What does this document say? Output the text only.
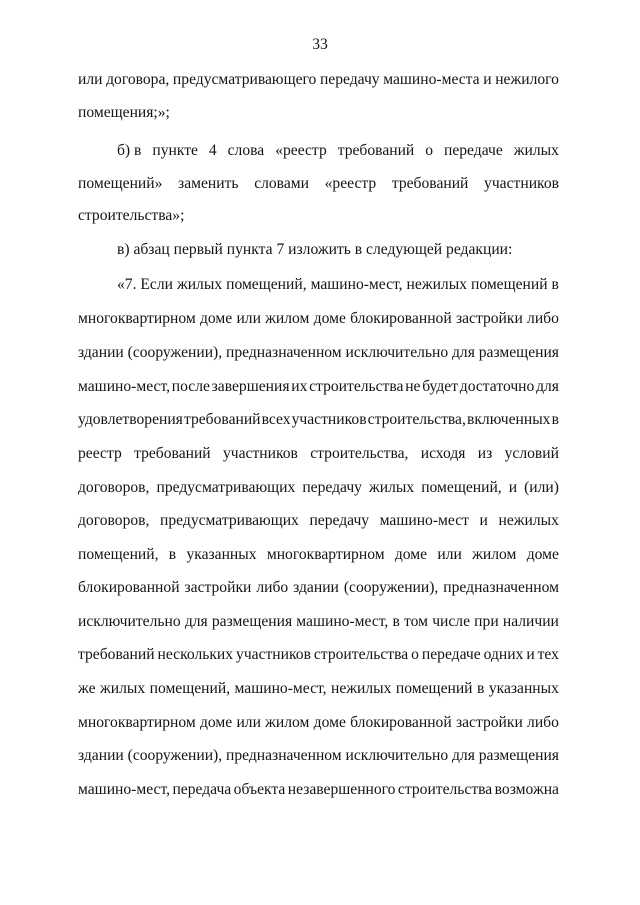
33
или договора, предусматривающего передачу машино-места и нежилого
помещения;»;
б) в пункте 4 слова «реестр требований о передаче жилых
помещений» заменить словами «реестр требований участников
строительства»;
в) абзац первый пункта 7 изложить в следующей редакции:
«7. Если жилых помещений, машино-мест, нежилых помещений в
многоквартирном доме или жилом доме блокированной застройки либо
здании (сооружении), предназначенном исключительно для размещения
машино-мест, после завершения их строительства не будет достаточно для
удовлетворения требований всех участников строительства, включенных в
реестр требований участников строительства, исходя из условий
договоров, предусматривающих передачу жилых помещений, и (или)
договоров, предусматривающих передачу машино-мест и нежилых
помещений, в указанных многоквартирном доме или жилом доме
блокированной застройки либо здании (сооружении), предназначенном
исключительно для размещения машино-мест, в том числе при наличии
требований нескольких участников строительства о передаче одних и тех
же жилых помещений, машино-мест, нежилых помещений в указанных
многоквартирном доме или жилом доме блокированной застройки либо
здании (сооружении), предназначенном исключительно для размещения
машино-мест, передача объекта незавершенного строительства возможна
